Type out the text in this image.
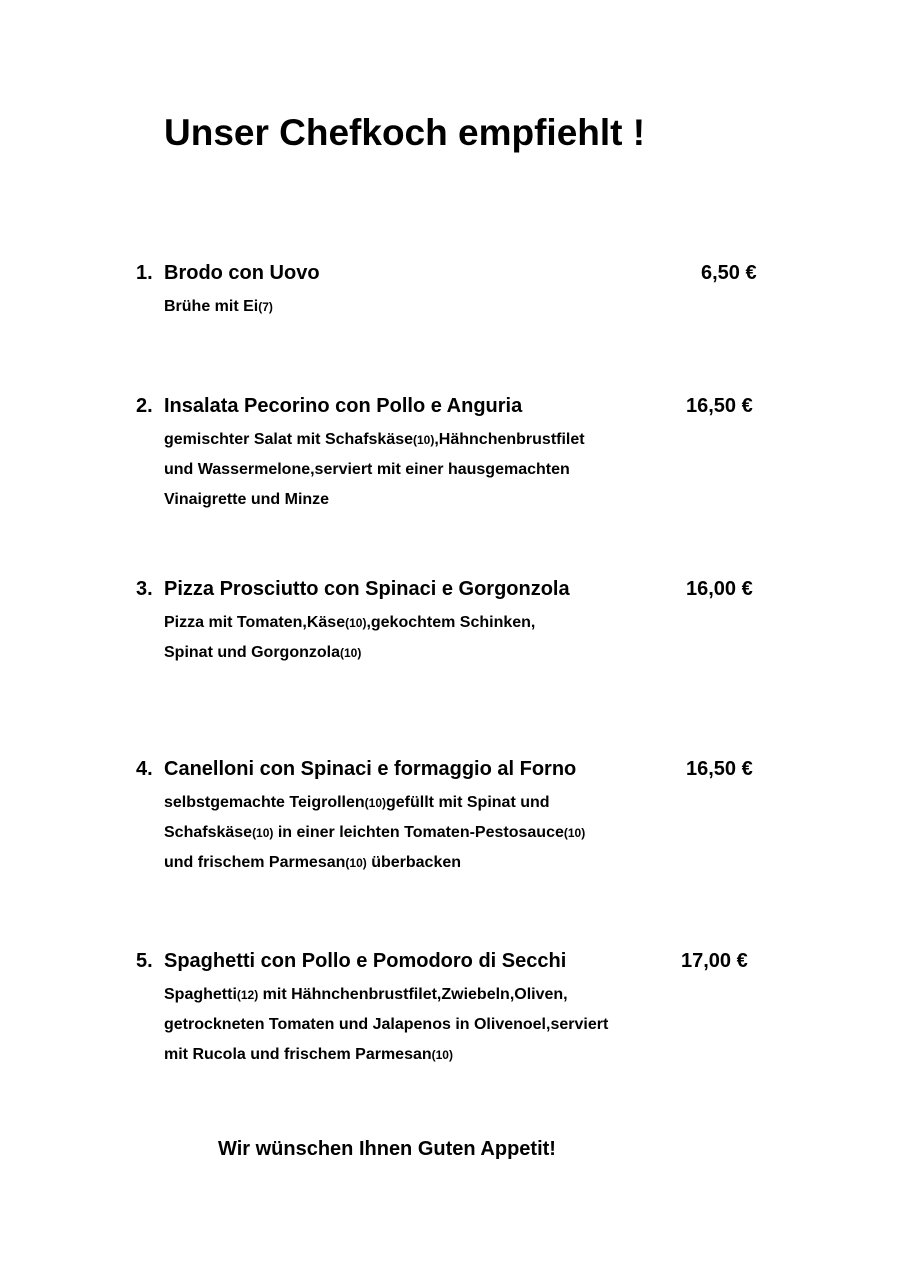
Unser Chefkoch empfiehlt !
1. Brodo con Uovo	6,50 €
Brühe mit Ei(7)
2. Insalata Pecorino con Pollo e Anguria	16,50 €
gemischter Salat mit Schafskäse(10),Hähnchenbrustfilet
und Wassermelone,serviert mit einer hausgemachten
Vinaigrette und Minze
3. Pizza Prosciutto con Spinaci e Gorgonzola	16,00 €
Pizza mit Tomaten,Käse(10),gekochtem Schinken,
Spinat und Gorgonzola(10)
4. Canelloni con Spinaci e formaggio al Forno	16,50 €
selbstgemachte Teigrollen(10)gefüllt mit Spinat und
Schafskäse(10) in einer leichten Tomaten-Pestosauce(10)
und frischem Parmesan(10) überbacken
5. Spaghetti con Pollo e Pomodoro di Secchi	17,00 €
Spaghetti(12) mit Hähnchenbrustfilet,Zwiebeln,Oliven,
getrockneten Tomaten und Jalapenos in Olivenoel,serviert
mit Rucola und frischem Parmesan(10)
Wir wünschen Ihnen Guten Appetit!
